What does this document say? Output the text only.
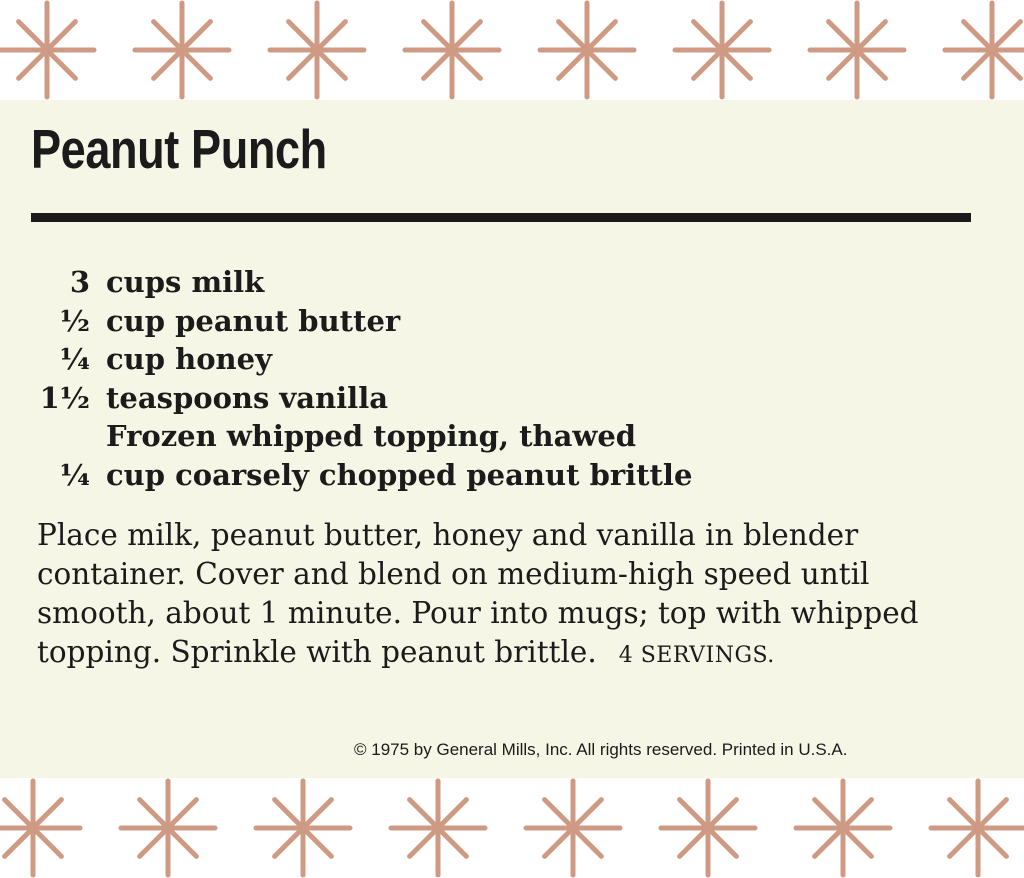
Peanut Punch
3 cups milk
½ cup peanut butter
¼ cup honey
1½ teaspoons vanilla
Frozen whipped topping, thawed
¼ cup coarsely chopped peanut brittle

Place milk, peanut butter, honey and vanilla in blender container. Cover and blend on medium-high speed until smooth, about 1 minute. Pour into mugs; top with whipped topping. Sprinkle with peanut brittle. 4 SERVINGS.

© 1975 by General Mills, Inc. All rights reserved. Printed in U.S.A.
